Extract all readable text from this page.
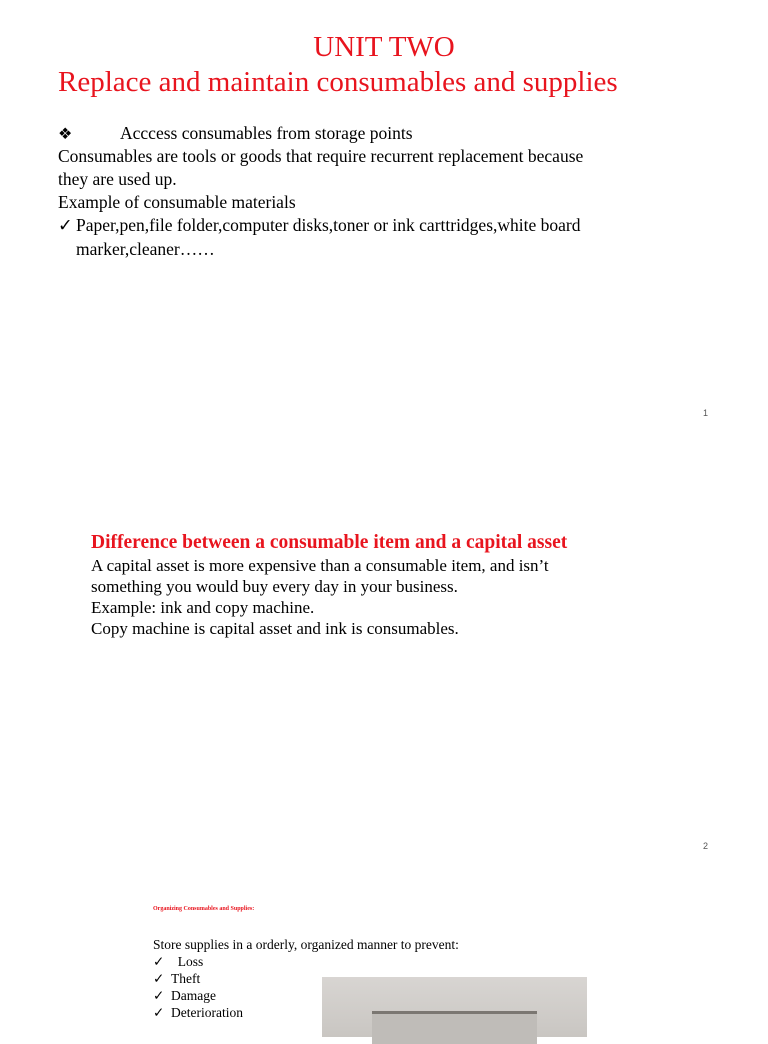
UNIT TWO
Replace and maintain consumables and supplies
❖	Acccess consumables from storage points
Consumables are tools or goods that require recurrent replacement because
they are used up.
Example of consumable materials
✓ Paper,pen,file folder,computer disks,toner or ink carttridges,white board marker,cleaner……
1
Difference between a consumable item and a capital asset
A capital asset is more expensive than a consumable item, and isn’t
something you would buy every day in your business.
Example: ink and copy machine.
Copy machine is capital asset and ink is consumables.
2
Organizing Consumables and Supplies:
Store supplies in a orderly, organized manner to prevent:
✓  Loss
✓ Theft
✓ Damage
✓ Deterioration
